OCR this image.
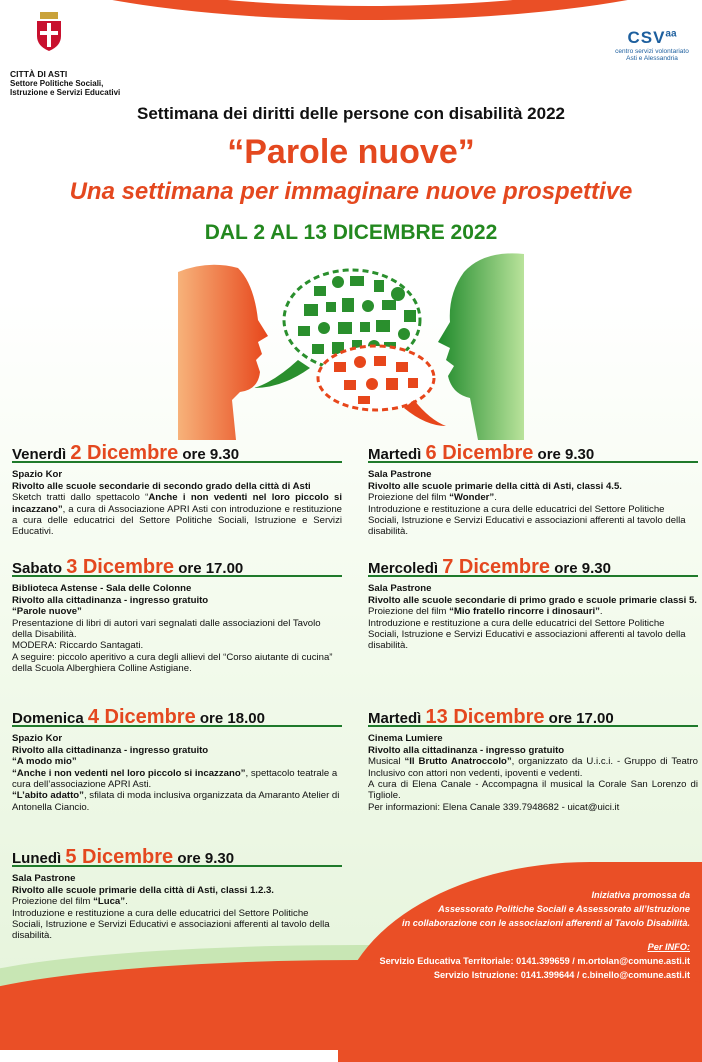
CITTÀ DI ASTI
Settore Politiche Sociali,
Istruzione e Servizi Educativi
$CSV^{aa}$
centro servizi volontariato
Asti e Alessandria
Settimana dei diritti delle persone con disabilità 2022
“Parole nuove”
Una settimana per immaginare nuove prospettive
DAL 2 AL 13 DICEMBRE 2022
Venerdì 2 Dicembre ore 9.30

Spazio Kor

Rivolto alle scuole secondarie di secondo grado della città di Asti

Sketch tratti dallo spettacolo “Anche i non vedenti nel loro piccolo si incazzano”, a cura di Associazione APRI Asti con introduzione e restituzione a cura delle educatrici del Settore Politiche Sociali, Istruzione e Servizi Educativi.

Sabato 3 Dicembre ore 17.00

Biblioteca Astense - Sala delle Colonne

Rivolto alla cittadinanza - ingresso gratuito

“Parole nuove”

Presentazione di libri di autori vari segnalati dalle associazioni del Tavolo della Disabilità.

MODERA: Riccardo Santagati.

A seguire: piccolo aperitivo a cura degli allievi del “Corso aiutante di cucina” della Scuola Alberghiera Colline Astigiane.

Domenica 4 Dicembre ore 18.00

Spazio Kor

Rivolto alla cittadinanza - ingresso gratuito

“A modo mio”

“Anche i non vedenti nel loro piccolo si incazzano”, spettacolo teatrale a cura dell’associazione APRI Asti.

“L’abito adatto”, sfilata di moda inclusiva organizzata da Amaranto Atelier di Antonella Ciancio.

Lunedì 5 Dicembre ore 9.30

Sala Pastrone

Rivolto alle scuole primarie della città di Asti, classi 1.2.3.

Proiezione del film “Luca”.

Introduzione e restituzione a cura delle educatrici del Settore Politiche Sociali, Istruzione e Servizi Educativi e associazioni afferenti al tavolo della disabilità.

Martedì 6 Dicembre ore 9.30

Sala Pastrone

Rivolto alle scuole primarie della città di Asti, classi 4.5.

Proiezione del film “Wonder”.

Introduzione e restituzione a cura delle educatrici del Settore Politiche Sociali, Istruzione e Servizi Educativi e associazioni afferenti al tavolo della disabilità.

Mercoledì 7 Dicembre ore 9.30

Sala Pastrone

Rivolto alle scuole secondarie di primo grado e scuole primarie classi 5.

Proiezione del film “Mio fratello rincorre i dinosauri”.

Introduzione e restituzione a cura delle educatrici del Settore Politiche Sociali, Istruzione e Servizi Educativi e associazioni afferenti al tavolo della disabilità.

Martedì 13 Dicembre ore 17.00

Cinema Lumiere

Rivolto alla cittadinanza - ingresso gratuito

Musical “Il Brutto Anatroccolo”, organizzato da U.i.c.i. - Gruppo di Teatro Inclusivo con attori non vedenti, ipoventi e vedenti.

A cura di Elena Canale - Accompagna il musical la Corale San Lorenzo di Tigliole.

Per informazioni: Elena Canale 339.7948682 - uicat@uici.it

Iniziativa promossa da
Assessorato Politiche Sociali e Assessorato all’Istruzione
in collaborazione con le associazioni afferenti al Tavolo Disabilità.
Per INFO:
Servizio Educativa Territoriale: 0141.399659 / m.ortolan@comune.asti.it
Servizio Istruzione: 0141.399644 / c.binello@comune.asti.it
